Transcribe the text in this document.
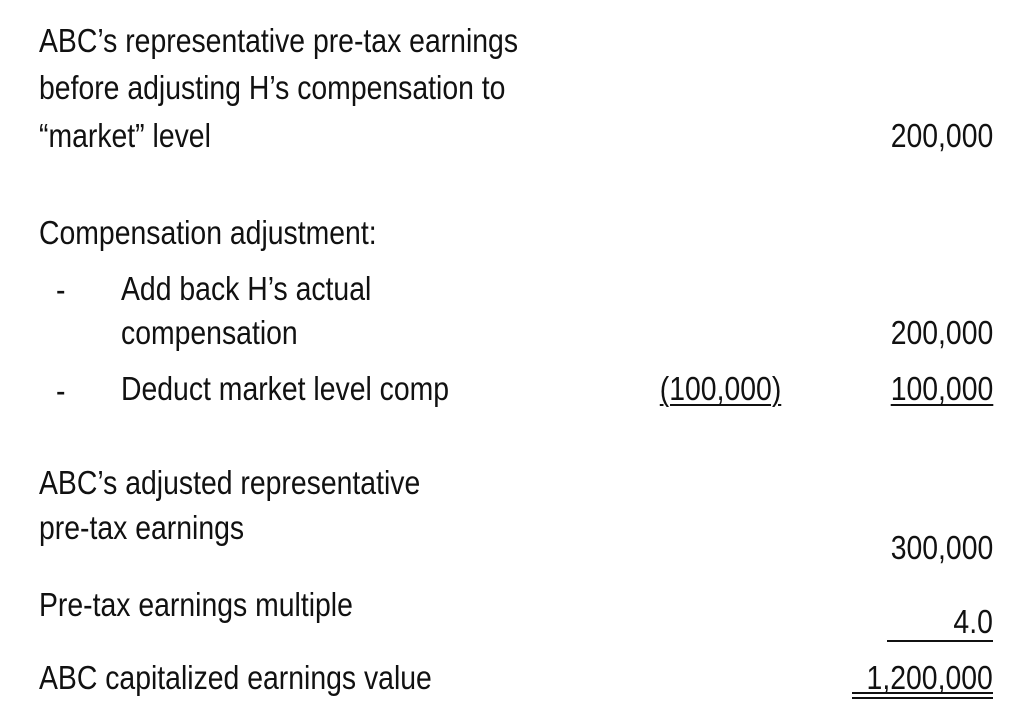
ABC’s representative pre-tax earnings
before adjusting H’s compensation to
“market” level	200,000
Compensation adjustment:
- Add back H’s actual
compensation	200,000
- Deduct market level comp	(100,000)	100,000
ABC’s adjusted representative
pre-tax earnings
300,000
Pre-tax earnings multiple	4.0
ABC capitalized earnings value	1,200,000
